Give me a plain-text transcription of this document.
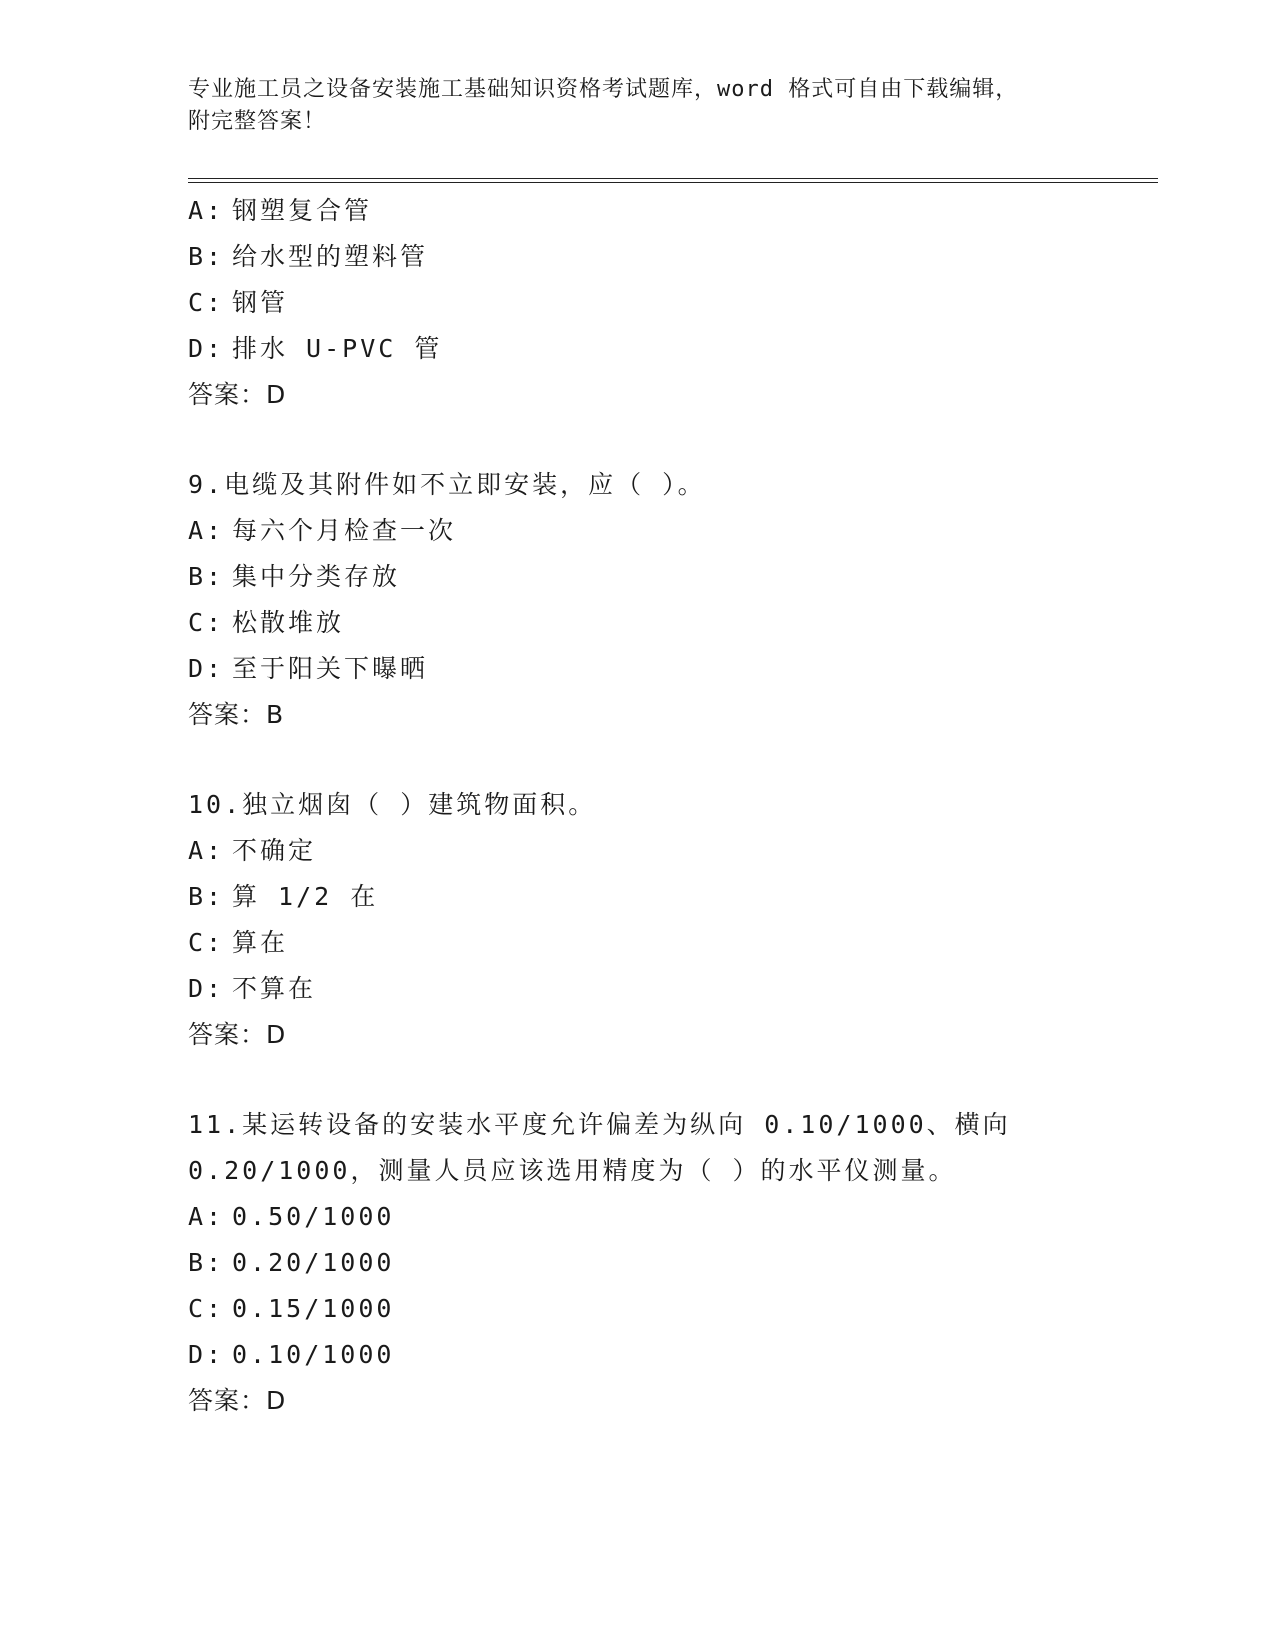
专业施工员之设备安装施工基础知识资格考试题库，word 格式可自由下载编辑，
附完整答案！
A: 钢塑复合管
B: 给水型的塑料管
C: 钢管
D: 排水 U-PVC 管
答案：D
9.电缆及其附件如不立即安装，应（ ）。
A: 每六个月检查一次
B: 集中分类存放
C: 松散堆放
D: 至于阳关下曝晒
答案：B
10.独立烟囱（ ）建筑物面积。
A: 不确定
B: 算 1/2 在
C: 算在
D: 不算在
答案：D
11.某运转设备的安装水平度允许偏差为纵向 0.10/1000、横向
0.20/1000，测量人员应该选用精度为（ ）的水平仪测量。
A: 0.50/1000
B: 0.20/1000
C: 0.15/1000
D: 0.10/1000
答案：D
